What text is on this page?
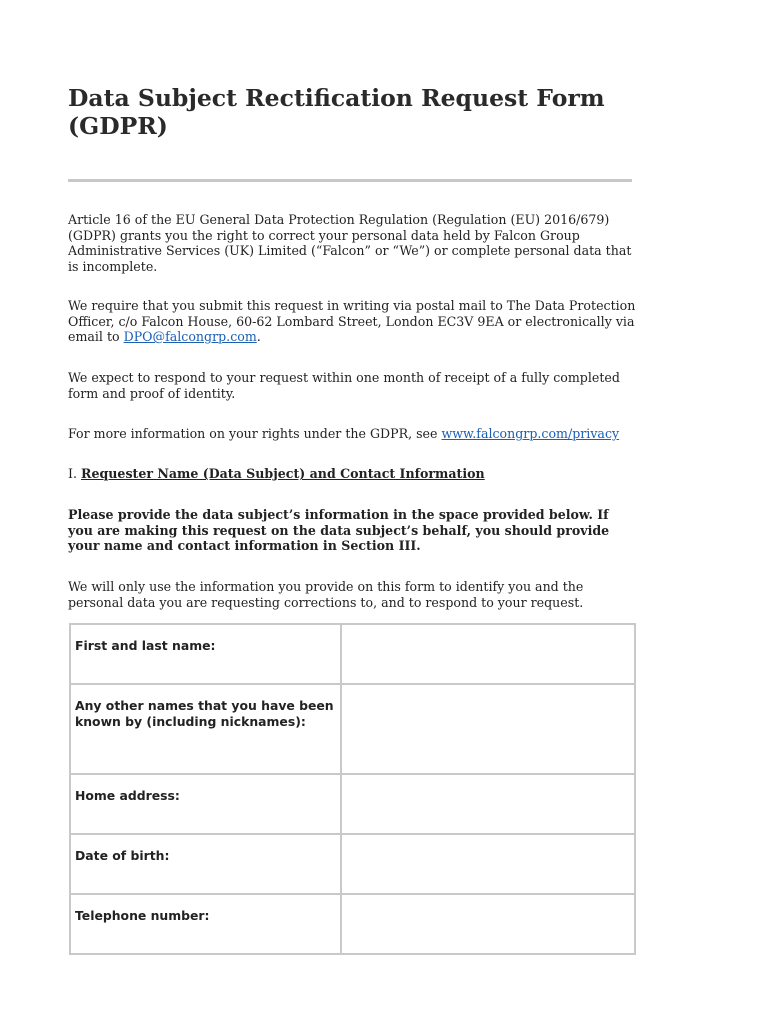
Data Subject Rectification Request Form
(GDPR)

Article 16 of the EU General Data Protection Regulation (Regulation (EU) 2016/679) (GDPR) grants you the right to correct your personal data held by Falcon Group Administrative Services (UK) Limited (“Falcon” or “We”) or complete personal data that is incomplete.

We require that you submit this request in writing via postal mail to The Data Protection Officer, c/o Falcon House, 60-62 Lombard Street, London EC3V 9EA or electronically via email to DPO@falcongrp.com.

We expect to respond to your request within one month of receipt of a fully completed form and proof of identity.

For more information on your rights under the GDPR, see www.falcongrp.com/privacy

I. Requester Name (Data Subject) and Contact Information

Please provide the data subject’s information in the space provided below. If you are making this request on the data subject’s behalf, you should provide your name and contact information in Section III.

We will only use the information you provide on this form to identify you and the personal data you are requesting corrections to, and to respond to your request.

First and last name:	
Any other names that you have been known by (including nicknames):	
Home address:	
Date of birth:	
Telephone number:	
